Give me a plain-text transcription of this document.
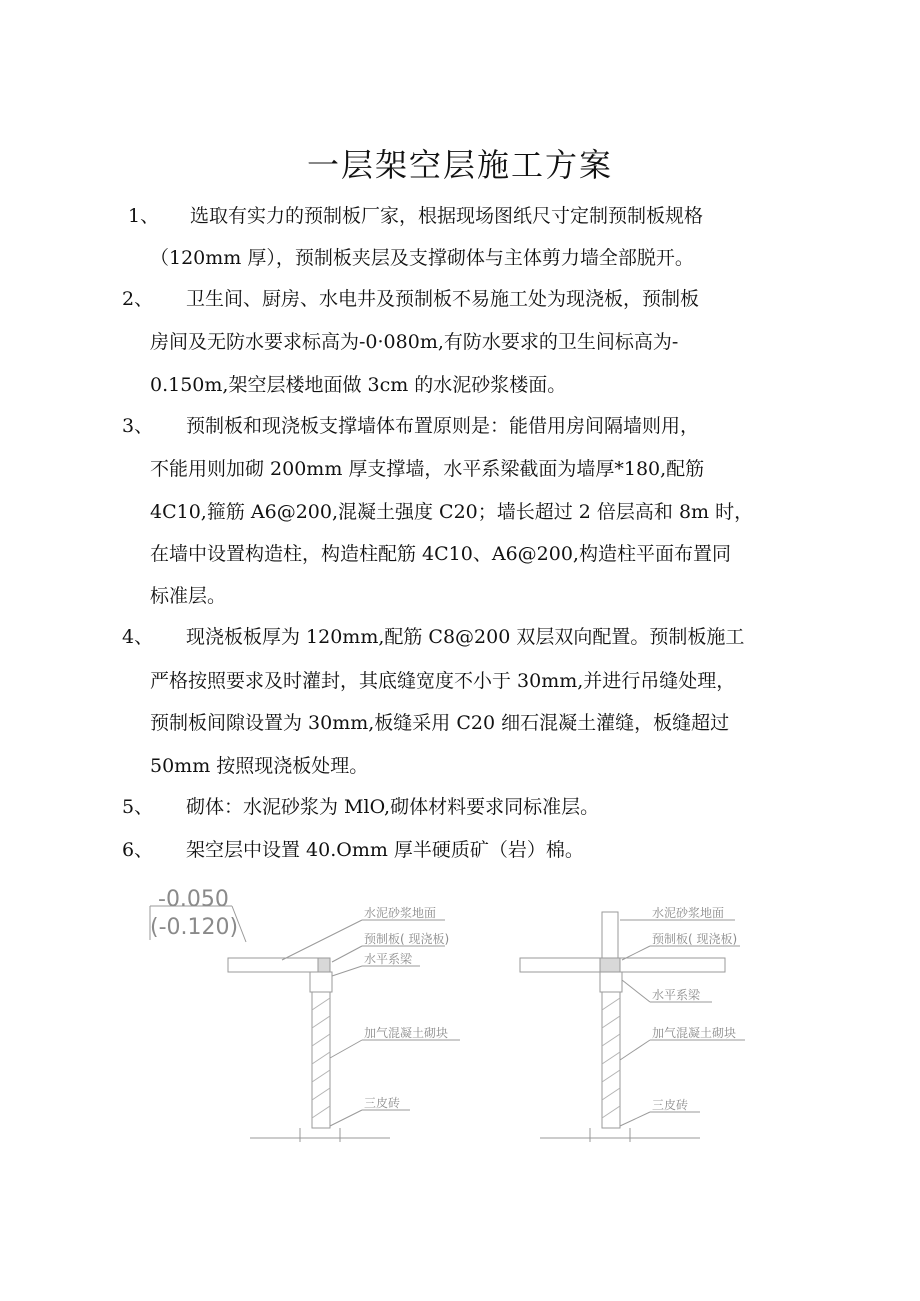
一层架空层施工方案
1、 选取有实力的预制板厂家，根据现场图纸尺寸定制预制板规格
（120mm 厚），预制板夹层及支撑砌体与主体剪力墙全部脱开。
2、 卫生间、厨房、水电井及预制板不易施工处为现浇板，预制板
房间及无防水要求标高为-0·080m,有防水要求的卫生间标高为-
0.150m,架空层楼地面做 3cm 的水泥砂浆楼面。
3、 预制板和现浇板支撑墙体布置原则是：能借用房间隔墙则用，
不能用则加砌 200mm 厚支撑墙，水平系梁截面为墙厚*180,配筋
4C10,箍筋 A6@200,混凝土强度 C20；墙长超过 2 倍层高和 8m 时，
在墙中设置构造柱，构造柱配筋 4C10、A6@200,构造柱平面布置同
标准层。
4、 现浇板板厚为 120mm,配筋 C8@200 双层双向配置。预制板施工
严格按照要求及时灌封，其底缝宽度不小于 30mm,并进行吊缝处理，
预制板间隙设置为 30mm,板缝采用 C20 细石混凝土灌缝，板缝超过
50mm 按照现浇板处理。
5、 砌体：水泥砂浆为 MlO,砌体材料要求同标准层。
6、 架空层中设置 40.Omm 厚半硬质矿（岩）棉。
-0.050
(-0.120)
水泥砂浆地面
预制板( 现浇板)
水平系梁
加气混凝土砌块
三皮砖
水泥砂浆地面
预制板( 现浇板)
水平系梁
加气混凝土砌块
三皮砖
